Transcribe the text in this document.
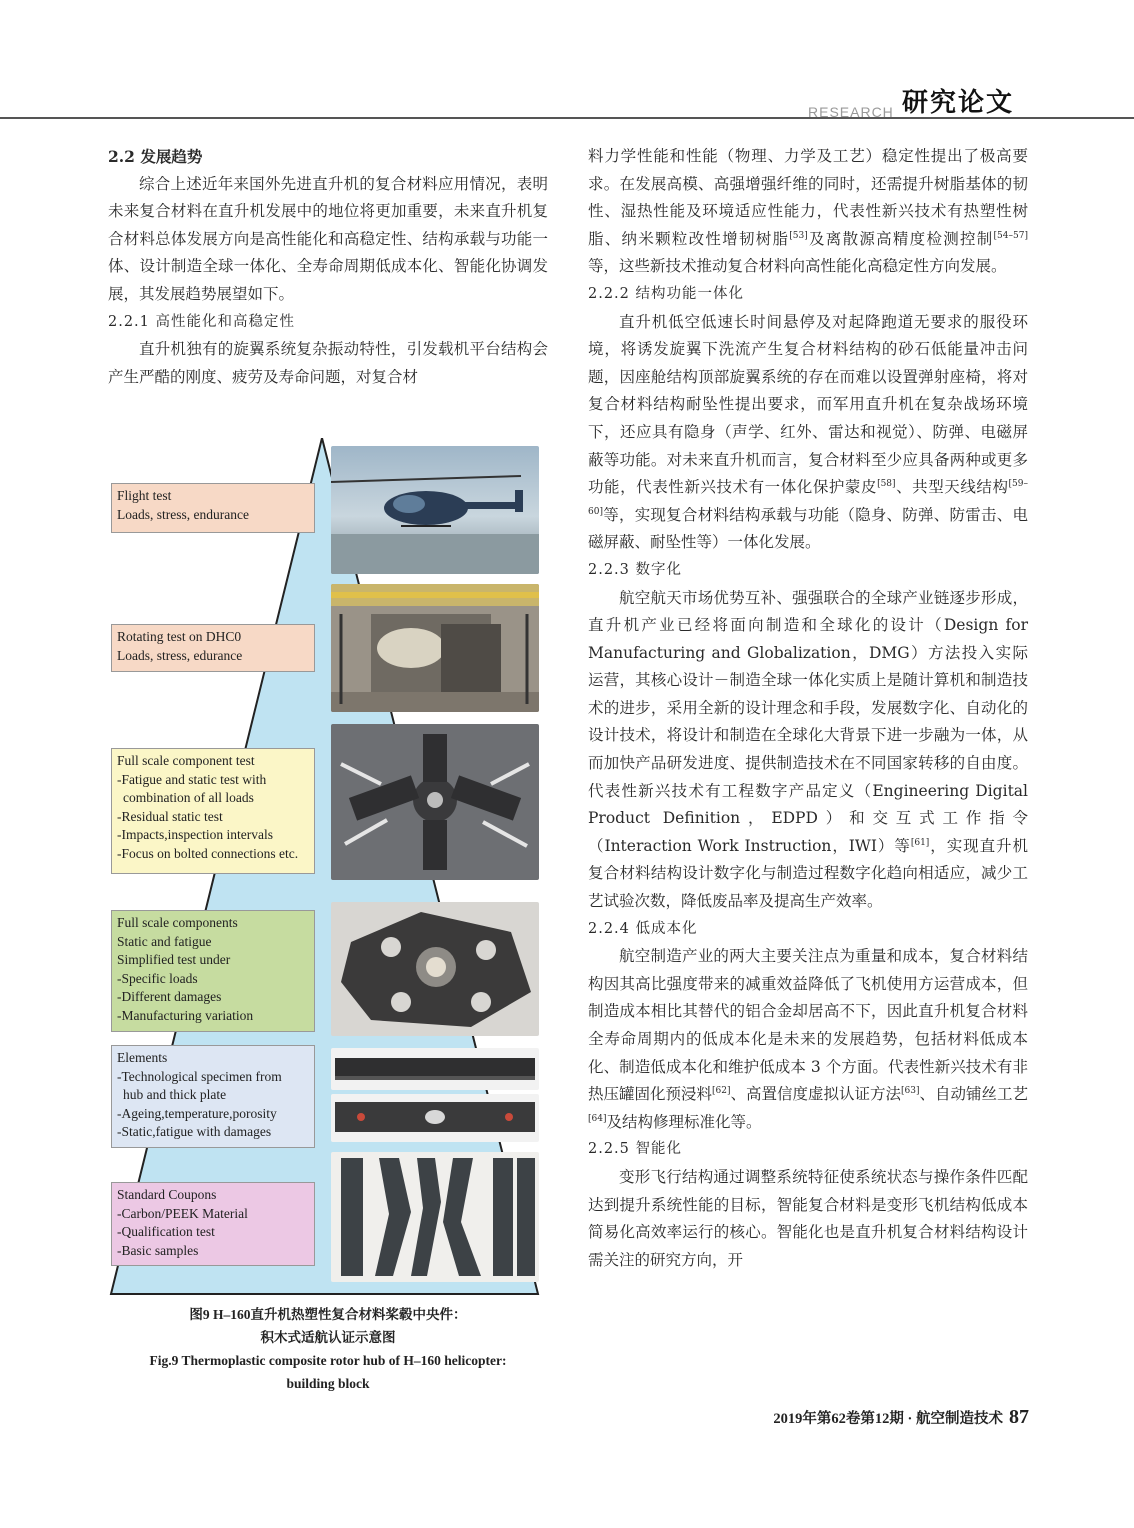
RESEARCH 研究论文

2.2 发展趋势

综合上述近年来国外先进直升机的复合材料应用情况，表明未来复合材料在直升机发展中的地位将更加重要，未来直升机复合材料总体发展方向是高性能化和高稳定性、结构承载与功能一体、设计制造全球一体化、全寿命周期低成本化、智能化协调发展，其发展趋势展望如下。

2.2.1 高性能化和高稳定性

直升机独有的旋翼系统复杂振动特性，引发载机平台结构会产生严酷的刚度、疲劳及寿命问题，对复合材

Flight test
Loads, stress, endurance
Rotating test on DHC0
Loads, stress, edurance
Full scale component test
-Fatigue and static test with
combination of all loads
-Residual static test
-Impacts,inspection intervals
-Focus on bolted connections etc.
Full scale components
Static and fatigue
Simplified test under
-Specific loads
-Different damages
-Manufacturing variation
Elements
-Technological specimen from
hub and thick plate
-Ageing,temperature,porosity
-Static,fatigue with damages
Standard Coupons
-Carbon/PEEK Material
-Qualification test
-Basic samples
图9 H–160直升机热塑性复合材料桨毂中央件：
积木式适航认证示意图
Fig.9 Thermoplastic composite rotor hub of H–160 helicopter:
building block

料力学性能和性能（物理、力学及工艺）稳定性提出了极高要求。在发展高模、高强增强纤维的同时，还需提升树脂基体的韧性、湿热性能及环境适应性能力，代表性新兴技术有热塑性树脂、纳米颗粒改性增韧树脂[53]及离散源高精度检测控制[54–57]等，这些新技术推动复合材料向高性能化高稳定性方向发展。

2.2.2 结构功能一体化

直升机低空低速长时间悬停及对起降跑道无要求的服役环境，将诱发旋翼下洗流产生复合材料结构的砂石低能量冲击问题，因座舱结构顶部旋翼系统的存在而难以设置弹射座椅，将对复合材料结构耐坠性提出要求，而军用直升机在复杂战场环境下，还应具有隐身（声学、红外、雷达和视觉）、防弹、电磁屏蔽等功能。对未来直升机而言，复合材料至少应具备两种或更多功能，代表性新兴技术有一体化保护蒙皮[58]、共型天线结构[59–60]等，实现复合材料结构承载与功能（隐身、防弹、防雷击、电磁屏蔽、耐坠性等）一体化发展。

2.2.3 数字化

航空航天市场优势互补、强强联合的全球产业链逐步形成，直升机产业已经将面向制造和全球化的设计（Design for Manufacturing and Globalization，DMG）方法投入实际运营，其核心设计－制造全球一体化实质上是随计算机和制造技术的进步，采用全新的设计理念和手段，发展数字化、自动化的设计技术，将设计和制造在全球化大背景下进一步融为一体，从而加快产品研发进度、提供制造技术在不同国家转移的自由度。代表性新兴技术有工程数字产品定义（Engineering Digital Product Definition，EDPD）和交互式工作指令（Interaction Work Instruction，IWI）等[61]，实现直升机复合材料结构设计数字化与制造过程数字化趋向相适应，减少工艺试验次数，降低废品率及提高生产效率。

2.2.4 低成本化

航空制造产业的两大主要关注点为重量和成本，复合材料结构因其高比强度带来的减重效益降低了飞机使用方运营成本，但制造成本相比其替代的铝合金却居高不下，因此直升机复合材料全寿命周期内的低成本化是未来的发展趋势，包括材料低成本化、制造低成本化和维护低成本 3 个方面。代表性新兴技术有非热压罐固化预浸料[62]、高置信度虚拟认证方法[63]、自动铺丝工艺[64]及结构修理标准化等。

2.2.5 智能化

变形飞行结构通过调整系统特征使系统状态与操作条件匹配达到提升系统性能的目标，智能复合材料是变形飞机结构低成本简易化高效率运行的核心。智能化也是直升机复合材料结构设计需关注的研究方向，开

2019年第62卷第12期 · 航空制造技术 87
